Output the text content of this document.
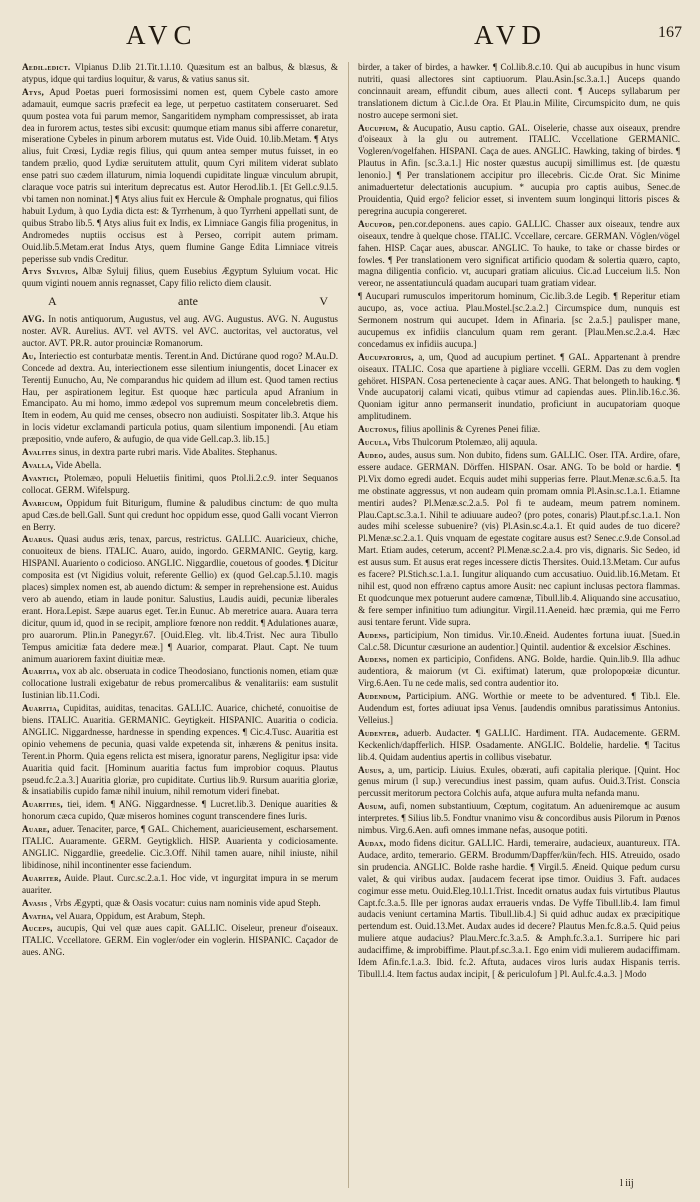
AVC	AVD	167

Aedil.edict. Vlpianus D.lib 21.Tit.1.l.10. Quæsitum est an balbus, & blæsus, & atypus, idque qui tardius loquitur, & varus, & vatius sanus sit.

Atys, Apud Poetas pueri formosissimi nomen est, quem Cybele casto amore adamauit, eumque sacris præfecit ea lege, ut perpetuo castitatem conseruaret. Sed quum postea vota fui parum memor, Sangaritidem nympham compressisset, ab irata dea in furorem actus, testes sibi excusit: quumque etiam manus sibi afferre conaretur, miseratione Cybeles in pinum arborem mutatus est. Vide Ouid. 10.lib.Metam. ¶ Atys alius, fuit Crœsi, Lydiæ regis filius, qui quum antea semper mutus fuisset, in eo tandem prælio, quod Lydiæ seruitutem attulit, quum Cyri militem viderat sublato ense patri suo cædem illaturum, nimia loquendi cupiditate linguæ vinculum abrupit, claraque voce patris sui interitum deprecatus est. Autor Herod.lib.1. [Et Gell.c.9.l.5. vbi tamen non nominat.] ¶ Atys alius fuit ex Hercule & Omphale prognatus, qui filios habuit Lydum, à quo Lydia dicta est: & Tyrrhenum, à quo Tyrrheni appellati sunt, de quibus Strabo lib.5. ¶ Atys alius fuit ex Indis, ex Limniace Gangis filia progenitus, in Andromedes nuptiis occisus est à Perseo, corripit autem primam. Ouid.lib.5.Metam.erat Indus Atys, quem flumine Gange Edita Limniace vitreis peperisse sub vndis Creditur.

Atys Sylvius, Albæ Syluij filius, quem Eusebius Ægyptum Syluium vocat. Hic quum viginti nouem annis regnasset, Capy filio relicto diem clausit.

A	ante	V

AVG. In notis antiquorum, Augustus, vel aug. AVG. Augustus. AVG. N. Augustus noster. AVR. Aurelius. AVT. vel AVTS. vel AVC. auctoritas, vel auctoratus, vel auctor. AVT. PR.R. autor prouinciæ Romanorum.

Au, Interiectio est conturbatæ mentis. Terent.in And. Dictúrane quod rogo? M.Au.D. Concede ad dextra. Au, interiectionem esse silentium iniungentis, docet Linacer ex Terentij Eunucho, Au, Ne comparandus hic quidem ad illum est. Quod tamen rectius Hau, per aspirationem legitur. Est quoque hæc particula apud Afranium in Emancipato. Au mi homo, immo ædepol vos supremum meum concelebretis diem. Item in eodem, Au quid me censes, obsecro non audiuisti. Sospitater lib.3. Atque his in locis videtur exclamandi particula potius, quam silentium imponendi. [Au etiam præpositio, vnde aufero, & aufugio, de qua vide Gell.cap.3. lib.15.]

Avalites sinus, in dextra parte rubri maris. Vide Abalites. Stephanus.

Avalla, Vide Abella.

Avantici, Ptolemæo, populi Heluetiis finitimi, quos Ptol.li.2.c.9. inter Sequanos collocat. GERM. Wifelspurg.

Avaricum, Oppidum fuit Biturigum, flumine & paludibus cinctum: de quo multa apud Cæs.de bell.Gall. Sunt qui credunt hoc oppidum esse, quod Galli vocant Vierron en Berry.

Auarus. Quasi audus æris, tenax, parcus, restrictus. GALLIC. Auaricieux, chiche, conuoiteux de biens. ITALIC. Auaro, auido, ingordo. GERMANIC. Geytig, karg. HISPANI. Auariento o codicioso. ANGLIC. Niggardlie, couetous of goodes. ¶ Dicitur composita est (vt Nigidius voluit, referente Gellio) ex (quod Gel.cap.5.l.10. magis places) simplex nomen est, ab auendo dictum: & semper in reprehensione est. Auidus vero ab auendo, etiam in laude ponitur. Salustius, Laudis auidi, pecuniæ liberales erant. Hora.Lepist. Sæpe auarus eget. Ter.in Eunuc. Ab meretrice auara. Auara terra dicitur, quum id, quod in se recipit, ampliore fœnore non reddit. ¶ Adulationes auaræ, pro auarorum. Plin.in Panegyr.67. [Ouid.Eleg. vlt. lib.4.Trist. Nec aura Tibullo Tempus amicitiæ fata dedere meæ.] ¶ Auarior, comparat. Plaut. Capt. Ne tuum animum auariorem faxint diuitiæ meæ.

Auaritia, vox ab alc. obseruata in codice Theodosiano, functionis nomen, etiam quæ collocatione lustrali exigebatur de rebus promercalibus & venalitariis: eam sustulit Iustinian lib.11.Codi.

Auaritia, Cupiditas, auiditas, tenacitas. GALLIC. Auarice, chicheté, conuoitise de biens. ITALIC. Auaritia. GERMANIC. Geytigkeit. HISPANIC. Auaritia o codicia. ANGLIC. Niggardnesse, hardnesse in spending expences. ¶ Cic.4.Tusc. Auaritia est opinio vehemens de pecunia, quasi valde expetenda sit, inhærens & penitus insita. Terent.in Phorm. Quia egens relicta est misera, ignoratur parens, Negligitur ipsa: vide Auaritia quid facit. [Hominum auaritia factus fum improbior coquus. Plautus pseud.fc.2.a.3.] Auaritia gloriæ, pro cupiditate. Curtius lib.9. Rursum auaritia gloriæ, & insatiabilis cupido famæ nihil inuium, nihil remotum videri finebat.

Auarities, tiei, idem. ¶ ANG. Niggardnesse. ¶ Lucret.lib.3. Denique auarities & honorum cæca cupido, Quæ miseros homines cogunt transcendere fines Iuris.

Auare, aduer. Tenaciter, parce, ¶ GAL. Chichement, auaricieusement, escharsement. ITALIC. Auaramente. GERM. Geytigklich. HISP. Auarienta y codiciosamente. ANGLIC. Niggardlie, greedelie. Cic.3.Off. Nihil tamen auare, nihil iniuste, nihil libidinose, nihil incontinenter esse faciendum.

Auariter, Auide. Plaut. Curc.sc.2.a.1. Hoc vide, vt ingurgitat impura in se merum auariter.

Avasis , Vrbs Ægypti, quæ & Oasis vocatur: cuius nam nominis vide apud Steph.

Avatha, vel Auara, Oppidum, est Arabum, Steph.

Auceps, aucupis, Qui vel quæ aues capit. GALLIC. Oiseleur, preneur d'oiseaux. ITALIC. Vccellatore. GERM. Ein vogler/oder ein voglerin. HISPANIC. Caçador de aues. ANG.

birder, a taker of birdes, a hawker. ¶ Col.lib.8.c.10. Qui ab aucupibus in hunc visum nutriti, quasi allectores sint captiuorum. Plau.Asin.[sc.3.a.1.] Auceps quando concinnauit aream, effundit cibum, aues allecti cont. ¶ Auceps syllabarum per translationem dictum à Cic.l.de Ora. Et Plau.in Milite, Circumspicito dum, ne quis nostro aucepe sermoni siet.

Aucupium, & Aucupatio, Ausu captio. GAL. Oiselerie, chasse aux oiseaux, prendre d'oiseaux à la glu ou autrement. ITALIC. Vccellatione GERMANIC. Vogleren/vogelfahen. HISPANI. Caça de aues. ANGLIC. Hawking, taking of birdes. ¶ Plautus in Afin. [sc.3.a.1.] Hic noster quæstus aucupij simillimus est. [de quæstu lenonio.] ¶ Per translationem accipitur pro illecebris. Cic.de Orat. Sic Minime animaduertetur delectationis aucupium. * aucupia pro captis auibus, Senec.de Prouidentia, Quid ergo? felicior esset, si inventem suum longinqui littoris pisces & peregrina aucupia congereret.

Aucupor, pen.cor.deponens. aues capio. GALLIC. Chasser aux oiseaux, tendre aux oiseaux, tendre à quelque chose. ITALIC. Vccellare, cercare. GERMAN. Vöglen/vögel fahen. HISP. Caçar aues, abuscar. ANGLIC. To hauke, to take or chasse birdes or fowles. ¶ Per translationem vero significat artificio quodam & solertia quæro, capto, magna diligentia conficio. vt, aucupari gratiam alicuius. Cic.ad Lucceium li.5. Non vereor, ne assentatiunculá quadam aucupari tuam gratiam videar.

¶ Aucupari rumusculos imperitorum hominum, Cic.lib.3.de Legib. ¶ Reperitur etiam aucupo, as, voce actiua. Plau.Mostel.[sc.2.a.2.] Circumspice dum, nunquis est Sermonem nostrum qui aucupet. Idem in Afinaria. [sc 2.a.5.] paulisper mane, aucupemus ex infidiis clanculum quam rem gerant. [Plau.Men.sc.2.a.4. Hæc concedamus ex infidiis aucupa.]

Aucupatorius, a, um, Quod ad aucupium pertinet. ¶ GAL. Appartenant à prendre oiseaux. ITALIC. Cosa que apartiene à pigliare vccelli. GERM. Das zu dem voglen gehöret. HISPAN. Cosa perteneciente à caçar aues. ANG. That belongeth to hauking. ¶ Vnde aucupatorij calami vicati, quibus vtimur ad capiendas aues. Plin.lib.16.c.36. Quoniam igitur anno permanserit inundatio, proficiunt in aucupatoriam quoque amplitudinem.

Auctonus, filius apollinis & Cyrenes Penei filiæ.

Aucula, Vrbs Thulcorum Ptolemæo, alij aquula.

Audeo, audes, ausus sum. Non dubito, fidens sum. GALLIC. Oser. ITA. Ardire, ofare, essere audace. GERMAN. Dörffen. HISPAN. Osar. ANG. To be bold or hardie. ¶ Pl.Vix domo egredi audet. Ecquis audet mihi supperias ferre. Plaut.Menæ.sc.6.a.5. Ita me obstinate aggressus, vt non audeam quin promam omnia Pl.Asin.sc.1.a.1. Etiamne mentiri audes? Pl.Menæ.sc.2.a.5. Pol fi te audeam, meum patrem nominem. Plau.Capt.sc.3.a.1. Nihil te adiuuare audeo? (pro potes, conaris) Plaut.pf.sc.1.a.1. Non audes mihi scelesse subuenire? (vis) Pl.Asin.sc.4.a.1. Et quid audes de tuo dicere? Pl.Menæ.sc.2.a.1. Quis vnquam de egestate cogitare ausus est? Senec.c.9.de Consol.ad Mart. Etiam audes, ceterum, accent? Pl.Menæ.sc.2.a.4. pro vis, dignaris. Sic Sedeo, id est ausus sum. Et ausus erat reges incessere dictis Thersites. Ouid.13.Metam. Cur aufus es facere? Pl.Stich.sc.1.a.1. Iungitur aliquando cum accusatiuo. Ouid.lib.16.Metam. Et nihil est, quod non effræno captus amore Ausit: nec capiunt inclusas pectora flammas. Et quodcunque mex potuerunt audere camœnæ, Tibull.lib.4. Aliquando sine accusatiuo, & fere semper infinitiuo tum adiungitur. Virgil.11.Aeneid. hæc præmia, qui me Ferro ausi tentare ferunt. Vide supra.

Audens, participium, Non timidus. Vir.10.Æneid. Audentes fortuna iuuat. [Sued.in Cal.c.58. Dicuntur cæsurione an audentior.] Quintil. audentior & excelsior Æschines.

Audens, nomen ex participio, Confidens. ANG. Bolde, hardie. Quin.lib.9. Illa adhuc audentiora, & maiorum (vt Ci. exiftimat) laterum, quæ prolopopœiæ dicuntur. Virg.6.Aen. Tu ne cede malis, sed contra audentior ito.

Audendum, Participium. ANG. Worthie or meete to be adventured. ¶ Tib.l. Ele. Audendum est, fortes adiuuat ipsa Venus. [audendis omnibus paratissimus Antonius. Velleius.]

Audenter, aduerb. Audacter. ¶ GALLIC. Hardiment. ITA. Audacemente. GERM. Keckenlich/dapfferlich. HISP. Osadamente. ANGLIC. Boldelie, hardelie. ¶ Tacitus lib.4. Quidam audentius apertis in collibus visebatur.

Ausus, a, um, particip. Liuius. Exules, obærati, aufi capitalia plerique. [Quint. Hoc genus mirum (l sup.) verecundius inest passim, quam aufus. Ouid.3.Trist. Conscia percussit meritorum pectora Colchis aufa, atque aufura multa nefanda manu.

Ausum, aufi, nomen substantiuum, Cœptum, cogitatum. An adueniremque ac ausum interpretes. ¶ Silius lib.5. Fondtur vnanimo visu & concordibus ausis Pilorum in Pœnos nimbus. Virg.6.Aen. aufi omnes immane nefas, ausoque potiti.

Audax, modo fidens dicitur. GALLIC. Hardi, temeraire, audacieux, auantureux. ITA. Audace, ardito, temerario. GERM. Brodumm/Dapffer/kün/fech. HIS. Atreuido, osado sin prudencia. ANGLIC. Bolde rashe hardie. ¶ Virgil.5. Æneid. Quique pedum cursu valet, & qui viribus audax. [audacem fecerat ipse timor. Ouidius 3. Faft. audaces cogimur esse metu. Ouid.Eleg.10.l.1.Trist. Incedit ornatus audax fuis virtutibus Plautus Capt.fc.3.a.5. Ille per ignoras audax erraueris vndas. De Vyffe Tibull.lib.4. Iam fimul audacis veniunt certamina Martis. Tibull.lib.4.] Si quid adhuc audax ex præcipitique pertendum est. Ouid.13.Met. Audax audes id decere? Plautus Men.fc.8.a.5. Quid peius muliere atque audacius? Plau.Merc.fc.3.a.5. & Amph.fc.3.a.1. Surripere hic pari audaciffime, & improbiffime. Plaut.pf.sc.3.a.1. Ego enim vidi mulierem audaciffimam. Idem Afin.fc.1.a.3. Ibid. fc.2. Aftuta, audaces viros luris audax Hispanis terris. Tibull.l.4. Item factus audax incipit, [ & periculofum ] Pl. Aul.fc.4.a.3. ] Modo

l iij
